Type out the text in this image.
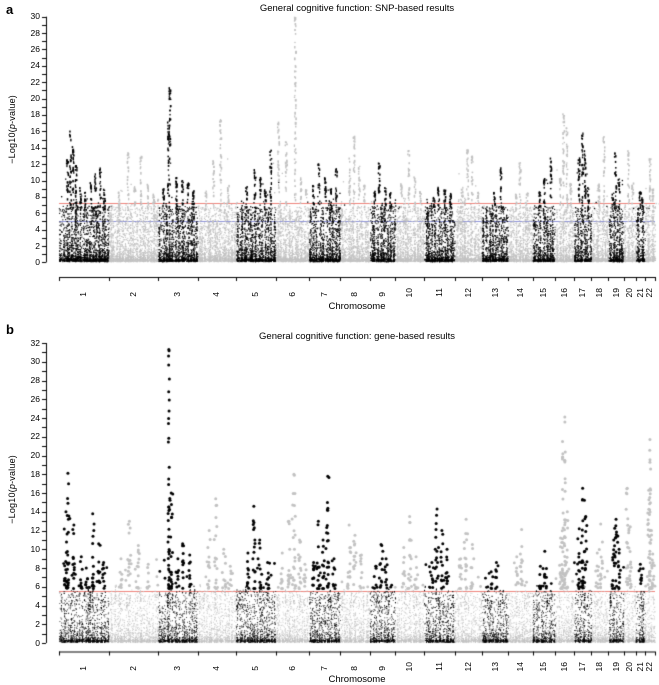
a
b
General cognitive function: SNP-based results
General cognitive function: gene-based results
−Log10(p-value)
−Log10(p-value)
Chromosome
Chromosome
0
2
4
6
8
10
12
14
16
18
20
22
24
26
28
30
1	2	3	4	5	6	7 8 9 10 11 12 13 14 15 16 17 18 19 20 21 22
0
2
4
6
8
10
12
14
16
18
20
22
24
26
28
30
32
1	2	3	4	5	6	7 8 9 10 11 12 13 14 15 16 17 18 19 20 21 22
